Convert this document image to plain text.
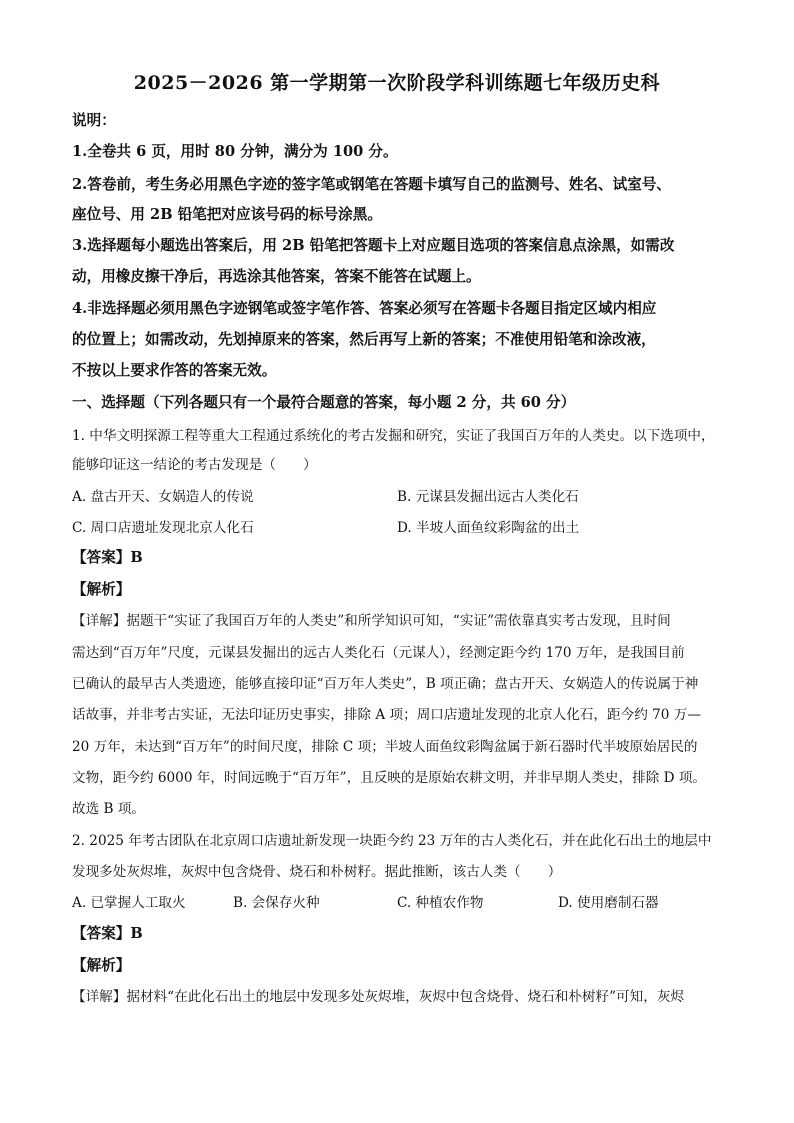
2025－2026 第一学期第一次阶段学科训练题七年级历史科
说明：
1.全卷共 6 页，用时 80 分钟，满分为 100 分。
2.答卷前，考生务必用黑色字迹的签字笔或钢笔在答题卡填写自己的监测号、姓名、试室号、
座位号、用 2B 铅笔把对应该号码的标号涂黑。
3.选择题每小题选出答案后，用 2B 铅笔把答题卡上对应题目选项的答案信息点涂黑，如需改
动，用橡皮擦干净后，再选涂其他答案，答案不能答在试题上。
4.非选择题必须用黑色字迹钢笔或签字笔作答、答案必须写在答题卡各题目指定区域内相应
的位置上；如需改动，先划掉原来的答案，然后再写上新的答案；不准使用铅笔和涂改液，
不按以上要求作答的答案无效。
一、选择题（下列各题只有一个最符合题意的答案，每小题 2 分，共 60 分）
1. 中华文明探源工程等重大工程通过系统化的考古发掘和研究，实证了我国百万年的人类史。以下选项中，
能够印证这一结论的考古发现是（　　）
A. 盘古开天、女娲造人的传说	B. 元谋县发掘出远古人类化石
C. 周口店遗址发现北京人化石	D. 半坡人面鱼纹彩陶盆的出土
【答案】B
【解析】
【详解】据题干“实证了我国百万年的人类史”和所学知识可知，“实证”需依靠真实考古发现，且时间
需达到“百万年”尺度，元谋县发掘出的远古人类化石（元谋人），经测定距今约 170 万年，是我国目前
已确认的最早古人类遗迹，能够直接印证“百万年人类史”，B 项正确；盘古开天、女娲造人的传说属于神
话故事，并非考古实证，无法印证历史事实，排除 A 项；周口店遗址发现的北京人化石，距今约 70 万—
20 万年，未达到“百万年”的时间尺度，排除 C 项；半坡人面鱼纹彩陶盆属于新石器时代半坡原始居民的
文物，距今约 6000 年，时间远晚于“百万年”，且反映的是原始农耕文明，并非早期人类史，排除 D 项。
故选 B 项。
2. 2025 年考古团队在北京周口店遗址新发现一块距今约 23 万年的古人类化石，并在此化石出土的地层中
发现多处灰烬堆，灰烬中包含烧骨、烧石和朴树籽。据此推断，该古人类（　　）
A. 已掌握人工取火	B. 会保存火种	C. 种植农作物	D. 使用磨制石器
【答案】B
【解析】
【详解】据材料“在此化石出土的地层中发现多处灰烬堆，灰烬中包含烧骨、烧石和朴树籽”可知，灰烬
